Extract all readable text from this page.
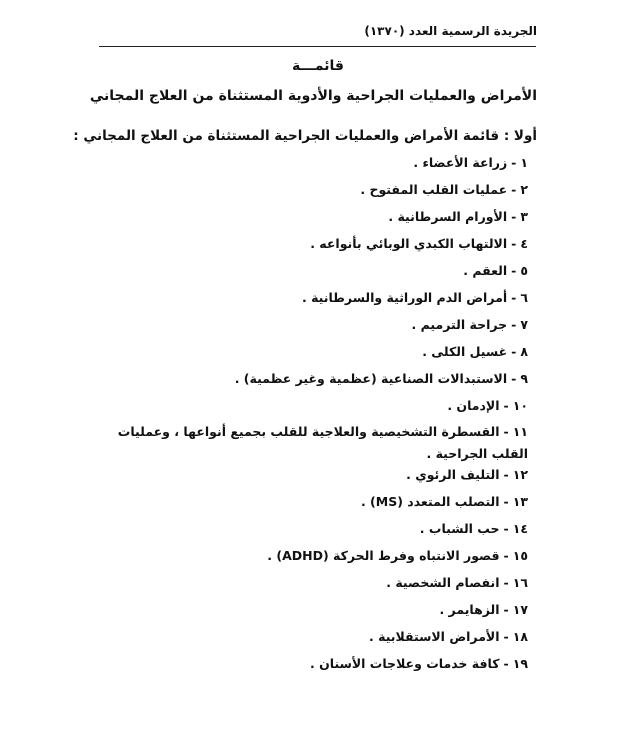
الجريدة الرسمية العدد (١٣٧٠)
قائمـــة
الأمراض والعمليات الجراحية والأدوية المستثناة من العلاج المجاني
أولا : قائمة الأمراض والعمليات الجراحية المستثناة من العلاج المجاني :
١-زراعة الأعضاء .
٢-عمليات القلب المفتوح .
٣-الأورام السرطانية .
٤-الالتهاب الكبدي الوبائي بأنواعه .
٥-العقم .
٦-أمراض الدم الوراثية والسرطانية .
٧-جراحة الترميم .
٨-غسيل الكلى .
٩-الاستبدالات الصناعية (عظمية وغير عظمية) .
١٠-الإدمان .
١١-القسطرة التشخيصية والعلاجية للقلب بجميع أنواعها ، وعمليات القلب الجراحية .
١٢-التليف الرئوي .
١٣-التصلب المتعدد (MS) .
١٤-حب الشباب .
١٥-قصور الانتباه وفرط الحركة (ADHD) .
١٦-انفصام الشخصية .
١٧-الزهايمر .
١٨-الأمراض الاستقلابية .
١٩-كافة خدمات وعلاجات الأسنان .
